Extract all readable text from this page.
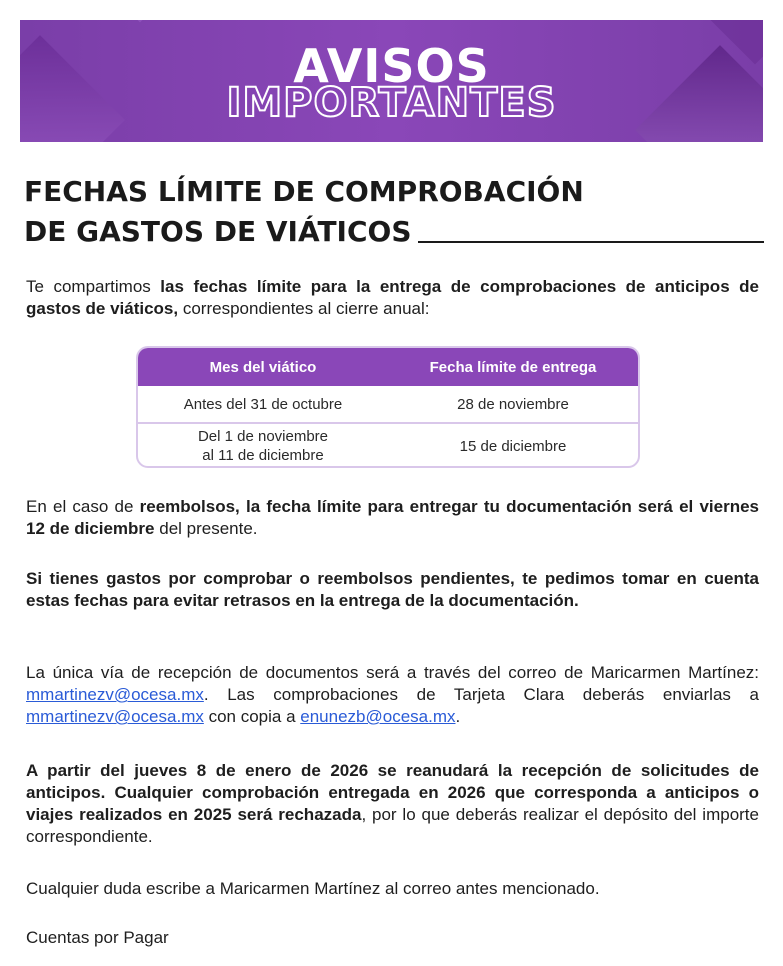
AVISOS
IMPORTANTES
FECHAS LÍMITE DE COMPROBACIÓN
DE GASTOS DE VIÁTICOS
Te compartimos las fechas límite para la entrega de comprobaciones de anticipos de gastos de viáticos, correspondientes al cierre anual:
Mes del viático	Fecha límite de entrega
Antes del 31 de octubre	28 de noviembre
Del 1 de noviembre
al 11 de diciembre
15 de diciembre
En el caso de reembolsos, la fecha límite para entregar tu documentación será el viernes 12 de diciembre del presente.
Si tienes gastos por comprobar o reembolsos pendientes, te pedimos tomar en cuenta estas fechas para evitar retrasos en la entrega de la documentación.
La única vía de recepción de documentos será a través del correo de Maricarmen Martínez: mmartinezv@ocesa.mx. Las comprobaciones de Tarjeta Clara deberás enviarlas a mmartinezv@ocesa.mx con copia a enunezb@ocesa.mx.
A partir del jueves 8 de enero de 2026 se reanudará la recepción de solicitudes de anticipos. Cualquier comprobación entregada en 2026 que corresponda a anticipos o viajes realizados en 2025 será rechazada, por lo que deberás realizar el depósito del importe correspondiente.
Cualquier duda escribe a Maricarmen Martínez al correo antes mencionado.
Cuentas por Pagar
